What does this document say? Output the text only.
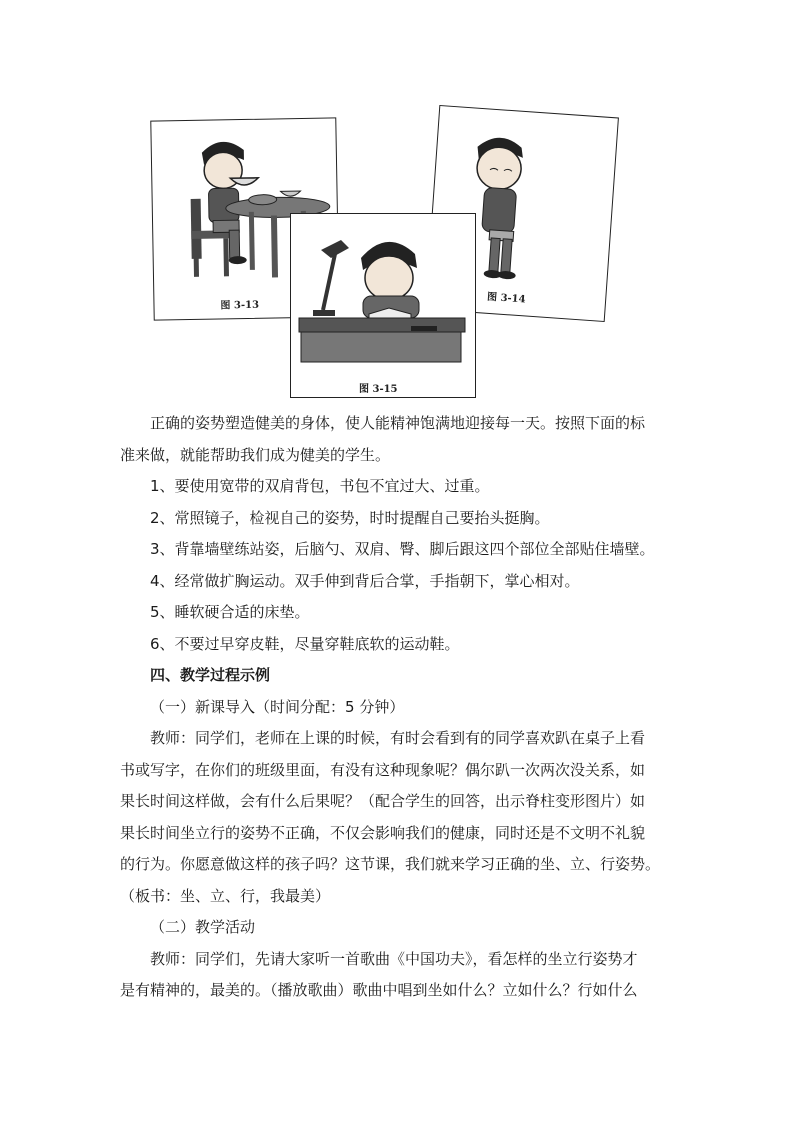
图 3-13
图 3-14
图 3-15

正确的姿势塑造健美的身体，使人能精神饱满地迎接每一天。按照下面的标

准来做，就能帮助我们成为健美的学生。

1、要使用宽带的双肩背包，书包不宜过大、过重。

2、常照镜子，检视自己的姿势，时时提醒自己要抬头挺胸。

3、背靠墙壁练站姿，后脑勺、双肩、臀、脚后跟这四个部位全部贴住墙壁。

4、经常做扩胸运动。双手伸到背后合掌，手指朝下，掌心相对。

5、睡软硬合适的床垫。

6、不要过早穿皮鞋，尽量穿鞋底软的运动鞋。

四、教学过程示例

（一）新课导入（时间分配：5 分钟）

教师：同学们，老师在上课的时候，有时会看到有的同学喜欢趴在桌子上看

书或写字，在你们的班级里面，有没有这种现象呢？偶尔趴一次两次没关系，如

果长时间这样做，会有什么后果呢？（配合学生的回答，出示脊柱变形图片）如

果长时间坐立行的姿势不正确，不仅会影响我们的健康，同时还是不文明不礼貌

的行为。你愿意做这样的孩子吗？这节课，我们就来学习正确的坐、立、行姿势。

（板书：坐、立、行，我最美）

（二）教学活动

教师：同学们，先请大家听一首歌曲《中国功夫》，看怎样的坐立行姿势才

是有精神的，最美的。（播放歌曲）歌曲中唱到坐如什么？立如什么？行如什么
